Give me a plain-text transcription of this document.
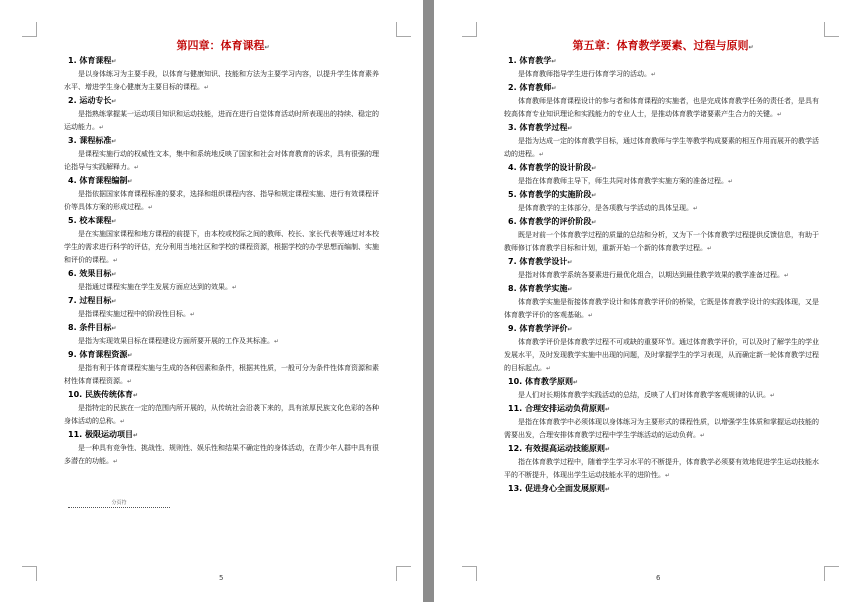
第四章：体育课程↵
1. 体育课程↵

是以身体练习为主要手段，以体育与健康知识、技能和方法为主要学习内容，以提升学生体育素养水平、增进学生身心健康为主要目标的课程。↵

2. 运动专长↵

是指熟练掌握某一运动项目知识和运动技能，进而在进行自觉体育活动时所表现出的持续、稳定的运动能力。↵

3. 课程标准↵

是课程实施行动的权威性文本，集中和系统地反映了国家和社会对体育教育的诉求，具有很强的理论指导与实践解释力。↵

4. 体育课程编制↵

是指依据国家体育课程标准的要求，选择和组织课程内容、指导和规定课程实施、进行有效课程评价等具体方案的形成过程。↵

5. 校本课程↵

是在实施国家课程和地方课程的前提下，由本校或校际之间的教师、校长、家长代表等通过对本校学生的需求进行科学的评估，充分利用当地社区和学校的课程资源，根据学校的办学思想而编制、实施和评价的课程。↵

6. 效果目标↵

是指通过课程实施在学生发展方面应达到的效果。↵

7. 过程目标↵

是指课程实施过程中的阶段性目标。↵

8. 条件目标↵

是指为实现效果目标在课程建设方面所要开展的工作及其标准。↵

9. 体育课程资源↵

是指有利于体育课程实施与生成的各种因素和条件，根据其性质，一般可分为条件性体育资源和素材性体育课程资源。↵

10. 民族传统体育↵

是指特定的民族在一定的范围内所开展的，从传统社会沿袭下来的，具有浓厚民族文化色彩的各种身体活动的总称。↵

11. 极限运动项目↵

是一种具有竞争性、挑战性、规则性、娱乐性和结果不确定性的身体活动，在青少年人群中具有很多潜在的功能。↵

分页符
5
第五章：体育教学要素、过程与原则↵
1. 体育教学↵

是体育教师指导学生进行体育学习的活动。↵

2. 体育教师↵

体育教师是体育课程设计的参与者和体育课程的实施者，也是完成体育教学任务的责任者，是具有较高体育专业知识理论和实践能力的专业人士，是推动体育教学诸要素产生合力的关键。↵

3. 体育教学过程↵

是指为达成一定的体育教学目标，通过体育教师与学生等教学构成要素的相互作用而展开的教学活动的进程。↵

4. 体育教学的设计阶段↵

是指在体育教师主导下，师生共同对体育教学实施方案的准备过程。↵

5. 体育教学的实施阶段↵

是体育教学的主体部分，是各项教与学活动的具体呈现。↵

6. 体育教学的评价阶段↵

既是对前一个体育教学过程的质量的总结和分析，又为下一个体育教学过程提供反馈信息，有助于教师修订体育教学目标和计划，重新开始一个新的体育教学过程。↵

7. 体育教学设计↵

是指对体育教学系统各要素进行最优化组合，以期达到最佳教学效果的教学准备过程。↵

8. 体育教学实施↵

体育教学实施是衔接体育教学设计和体育教学评价的桥梁，它既是体育教学设计的实践体现，又是体育教学评价的客观基础。↵

9. 体育教学评价↵

体育教学评价是体育教学过程不可或缺的重要环节。通过体育教学评价，可以及时了解学生的学业发展水平，及时发现教学实施中出现的问题，及时掌握学生的学习表现，从而确定新一轮体育教学过程的目标起点。↵

10. 体育教学原则↵

是人们对长期体育教学实践活动的总结，反映了人们对体育教学客观规律的认识。↵

11. 合理安排运动负荷原则↵

是指在体育教学中必须体现以身体练习为主要形式的课程性质，以增强学生体质和掌握运动技能的需要出发，合理安排体育教学过程中学生学练活动的运动负荷。↵

12. 有效提高运动技能原则↵

指在体育教学过程中，随着学生学习水平的不断提升，体育教学必须要有效地促进学生运动技能水平的不断提升，体现出学生运动技能水平的进阶性。↵

13. 促进身心全面发展原则↵
6
